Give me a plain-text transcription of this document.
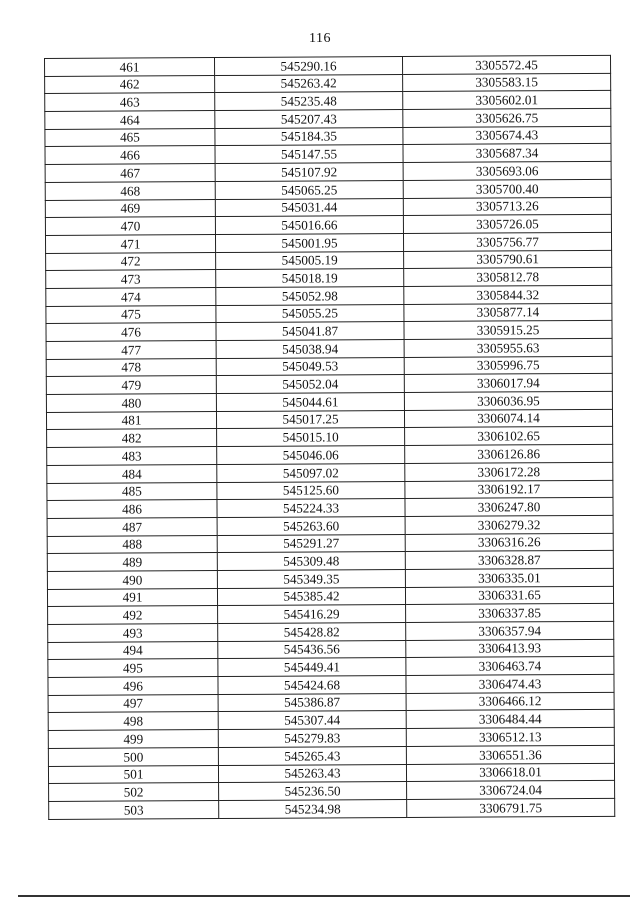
116
461	545290.16	3305572.45
462	545263.42	3305583.15
463	545235.48	3305602.01
464	545207.43	3305626.75
465	545184.35	3305674.43
466	545147.55	3305687.34
467	545107.92	3305693.06
468	545065.25	3305700.40
469	545031.44	3305713.26
470	545016.66	3305726.05
471	545001.95	3305756.77
472	545005.19	3305790.61
473	545018.19	3305812.78
474	545052.98	3305844.32
475	545055.25	3305877.14
476	545041.87	3305915.25
477	545038.94	3305955.63
478	545049.53	3305996.75
479	545052.04	3306017.94
480	545044.61	3306036.95
481	545017.25	3306074.14
482	545015.10	3306102.65
483	545046.06	3306126.86
484	545097.02	3306172.28
485	545125.60	3306192.17
486	545224.33	3306247.80
487	545263.60	3306279.32
488	545291.27	3306316.26
489	545309.48	3306328.87
490	545349.35	3306335.01
491	545385.42	3306331.65
492	545416.29	3306337.85
493	545428.82	3306357.94
494	545436.56	3306413.93
495	545449.41	3306463.74
496	545424.68	3306474.43
497	545386.87	3306466.12
498	545307.44	3306484.44
499	545279.83	3306512.13
500	545265.43	3306551.36
501	545263.43	3306618.01
502	545236.50	3306724.04
503	545234.98	3306791.75
